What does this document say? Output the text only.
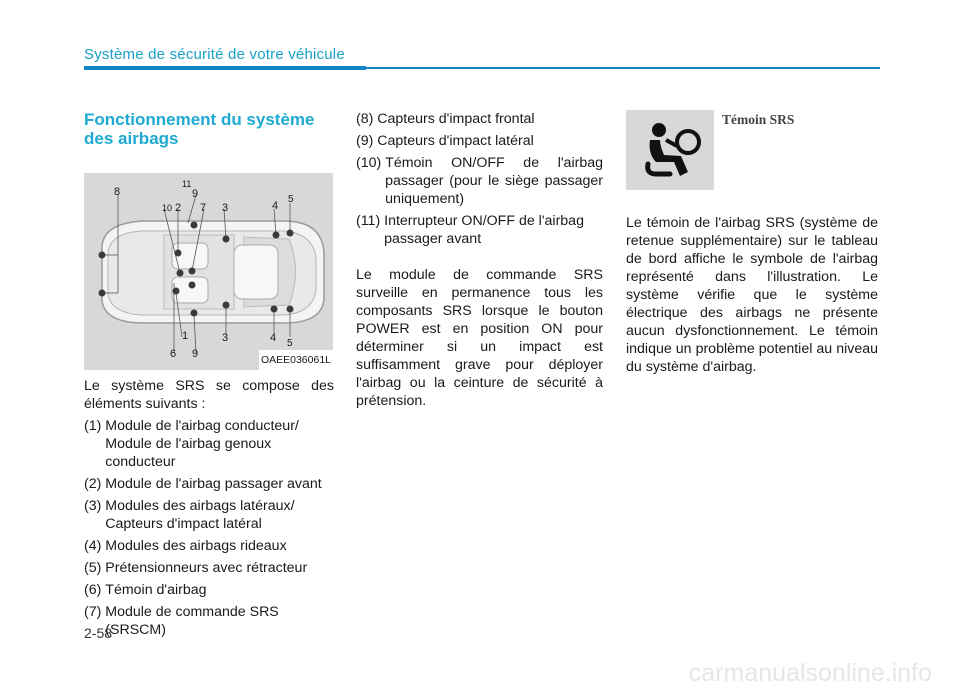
Système de sécurité de votre véhicule
Fonctionnement du système des airbags
8
11
10 2
9
7 3	4
5
1
6 9
3	4 5
OAEE036061L

Le système SRS se compose des éléments suivants :

(1) Module de l'airbag conducteur/ Module de l'airbag genoux conducteur
(2) Module de l'airbag passager avant
(3) Modules des airbags latéraux/ Capteurs d'impact latéral
(4) Modules des airbags rideaux
(5) Prétensionneurs avec rétracteur
(6) Témoin d'airbag
(7) Module de commande SRS (SRSCM)
(8) Capteurs d'impact frontal
(9) Capteurs d'impact latéral
(10) Témoin ON/OFF de l'airbag passager (pour le siège passager uniquement)
(11) Interrupteur ON/OFF de l'airbag passager avant

Le module de commande SRS surveille en permanence tous les composants SRS lorsque le bouton POWER est en position ON pour déterminer si un impact est suffisamment grave pour déployer l'airbag ou la ceinture de sécurité à prétension.

Témoin SRS

Le témoin de l'airbag SRS (système de retenue supplémentaire) sur le tableau de bord affiche le symbole de l'airbag représenté dans l'illustration. Le système vérifie que le système électrique des airbags ne présente aucun dysfonctionnement. Le témoin indique un problème potentiel au niveau du système d'airbag.

2-58
carmanualsonline.info
